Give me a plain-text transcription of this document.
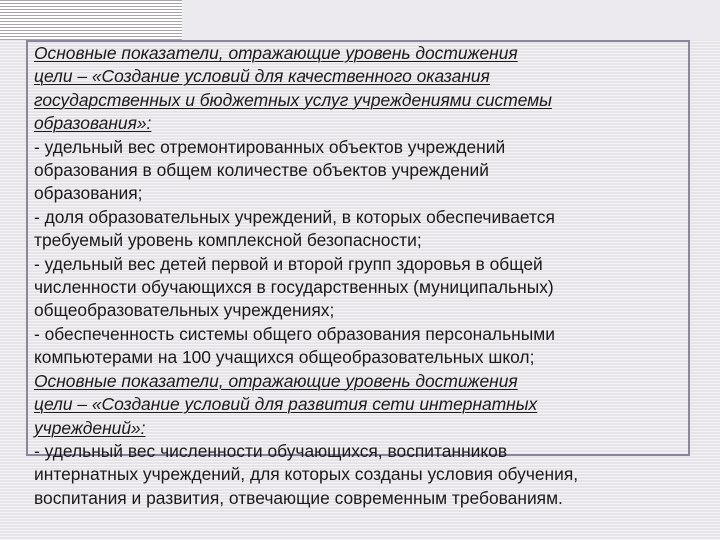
Основные показатели, отражающие уровень достижения
цели – «Создание условий для качественного оказания
государственных и бюджетных услуг учреждениями системы
образования»:
- удельный вес отремонтированных объектов учреждений
образования в общем количестве объектов учреждений
образования;
- доля образовательных учреждений, в которых обеспечивается
требуемый уровень комплексной безопасности;
- удельный вес детей первой и второй групп здоровья в общей
численности обучающихся в государственных (муниципальных)
общеобразовательных учреждениях;
- обеспеченность системы общего образования персональными
компьютерами на 100 учащихся общеобразовательных школ;
Основные показатели, отражающие уровень достижения
цели – «Создание условий для развития сети интернатных
учреждений»:
- удельный вес численности обучающихся, воспитанников
интернатных учреждений, для которых созданы условия обучения,
воспитания и развития, отвечающие современным требованиям.
